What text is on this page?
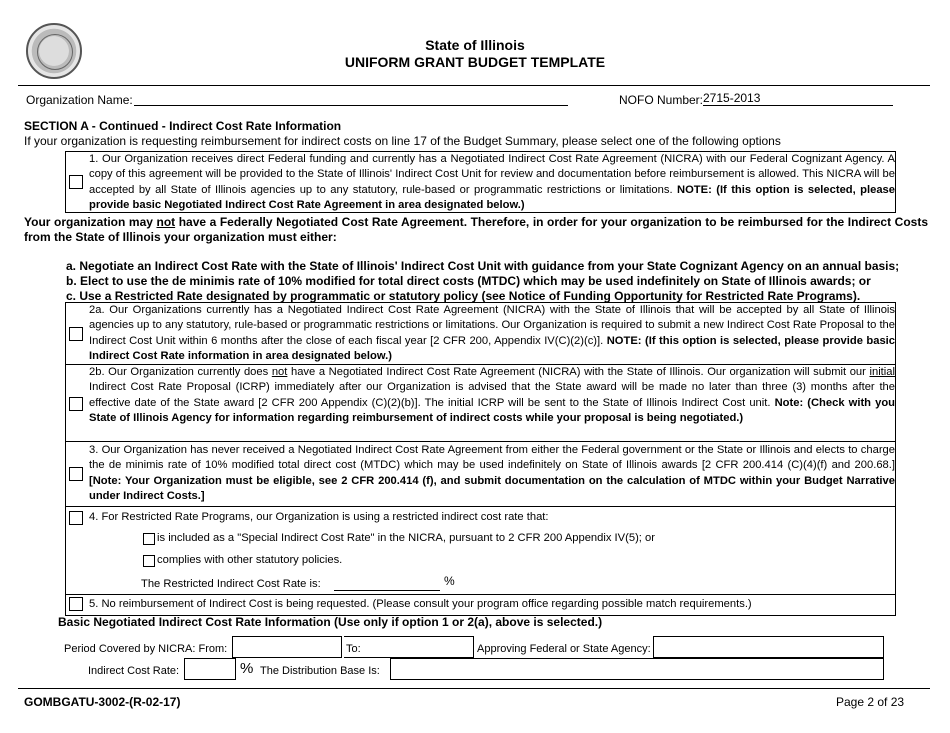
State of Illinois
UNIFORM GRANT BUDGET TEMPLATE
Organization Name:	NOFO Number: 2715-2013
SECTION A - Continued - Indirect Cost Rate Information
If your organization is requesting reimbursement for indirect costs on line 17 of the Budget Summary, please select one of the following options
1. Our Organization receives direct Federal funding and currently has a Negotiated Indirect Cost Rate Agreement (NICRA) with our Federal Cognizant Agency. A copy of this agreement will be provided to the State of Illinois' Indirect Cost Unit for review and documentation before reimbursement is allowed. This NICRA will be accepted by all State of Illinois agencies up to any statutory, rule-based or programmatic restrictions or limitations. NOTE: (If this option is selected, please provide basic Negotiated Indirect Cost Rate Agreement in area designated below.)
Your organization may not have a Federally Negotiated Cost Rate Agreement. Therefore, in order for your organization to be reimbursed for the Indirect Costs from the State of Illinois your organization must either:
a. Negotiate an Indirect Cost Rate with the State of Illinois' Indirect Cost Unit with guidance from your State Cognizant Agency on an annual basis;
b. Elect to use the de minimis rate of 10% modified for total direct costs (MTDC) which may be used indefinitely on State of Illinois awards; or
c. Use a Restricted Rate designated by programmatic or statutory policy (see Notice of Funding Opportunity for Restricted Rate Programs).
2a. Our Organizations currently has a Negotiated Indirect Cost Rate Agreement (NICRA) with the State of Illinois that will be accepted by all State of Illinois agencies up to any statutory, rule-based or programmatic restrictions or limitations. Our Organization is required to submit a new Indirect Cost Rate Proposal to the Indirect Cost Unit within 6 months after the close of each fiscal year [2 CFR 200, Appendix IV(C)(2)(c)]. NOTE: (If this option is selected, please provide basic Indirect Cost Rate information in area designated below.)
2b. Our Organization currently does not have a Negotiated Indirect Cost Rate Agreement (NICRA) with the State of Illinois. Our organization will submit our initial Indirect Cost Rate Proposal (ICRP) immediately after our Organization is advised that the State award will be made no later than three (3) months after the effective date of the State award [2 CFR 200 Appendix (C)(2)(b)]. The initial ICRP will be sent to the State of Illinois Indirect Cost unit. Note: (Check with you State of Illinois Agency for information regarding reimbursement of indirect costs while your proposal is being negotiated.)
3. Our Organization has never received a Negotiated Indirect Cost Rate Agreement from either the Federal government or the State or Illinois and elects to charge the de minimis rate of 10% modified total direct cost (MTDC) which may be used indefinitely on State of Illinois awards [2 CFR 200.414 (C)(4)(f) and 200.68.] [Note: Your Organization must be eligible, see 2 CFR 200.414 (f), and submit documentation on the calculation of MTDC within your Budget Narrative under Indirect Costs.]
4. For Restricted Rate Programs, our Organization is using a restricted indirect cost rate that:
is included as a "Special Indirect Cost Rate" in the NICRA, pursuant to 2 CFR 200 Appendix IV(5); or
complies with other statutory policies.
The Restricted Indirect Cost Rate is:	%
5. No reimbursement of Indirect Cost is being requested. (Please consult your program office regarding possible match requirements.)
Basic Negotiated Indirect Cost Rate Information (Use only if option 1 or 2(a), above is selected.)
Period Covered by NICRA: From:	To:	Approving Federal or State Agency:
Indirect Cost Rate:	% The Distribution Base Is:
GOMBGATU-3002-(R-02-17)	Page 2 of 23
